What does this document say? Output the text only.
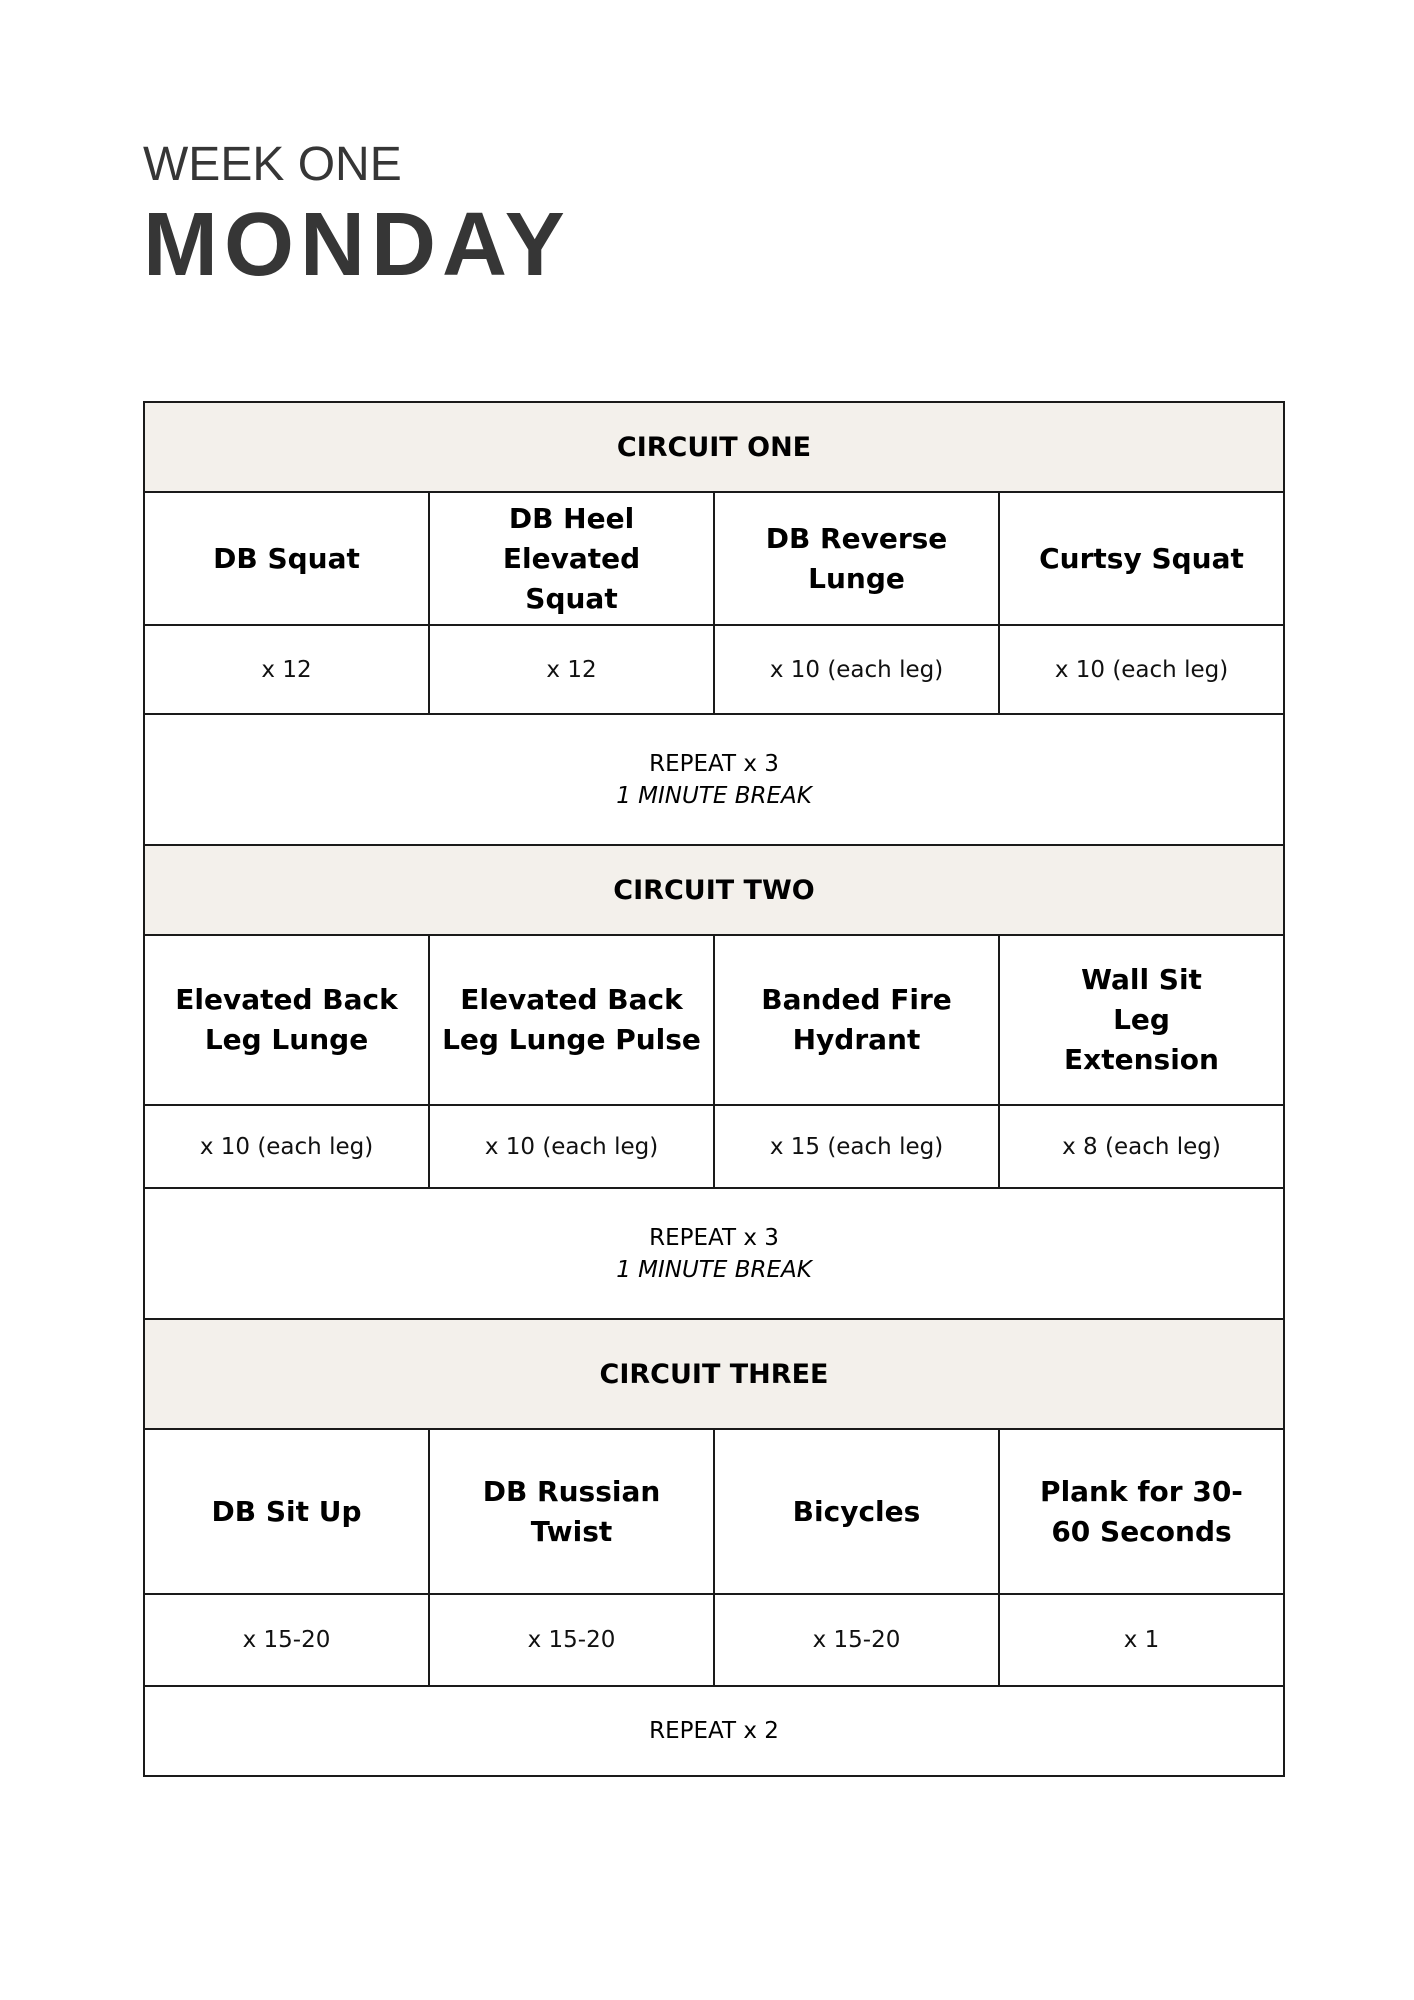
WEEK ONE
MONDAY
CIRCUIT ONE			
DB Squat	DB Heel Elevated Squat	DB Reverse Lunge	Curtsy Squat
x 12	x 12	x 10 (each leg)	x 10 (each leg)
REPEAT x 3
1 MINUTE BREAK			

CIRCUIT TWO			
Elevated Back Leg Lunge	Elevated Back Leg Lunge Pulse	Banded Fire Hydrant	Wall Sit Leg Extension
x 10 (each leg)	x 10 (each leg)	x 15 (each leg)	x 8 (each leg)
REPEAT x 3
1 MINUTE BREAK			

CIRCUIT THREE			
DB Sit Up	DB Russian Twist	Bicycles	Plank for 30-60 Seconds
x 15-20	x 15-20	x 15-20	x 1
REPEAT x 2			
